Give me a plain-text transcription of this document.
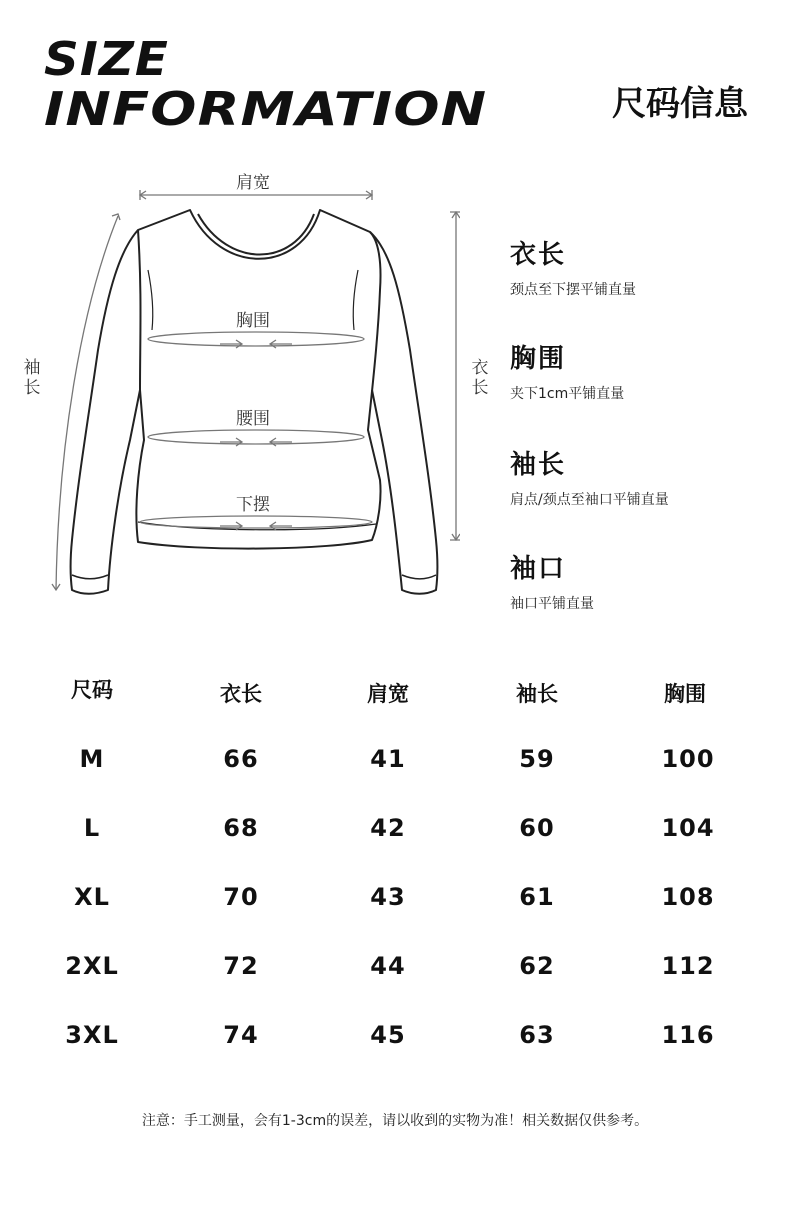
SIZE
INFORMATION	尺码信息
肩宽
胸围
腰围
下摆
袖
长
衣
长
衣长
颈点至下摆平铺直量
胸围
夹下1cm平铺直量
袖长
肩点/颈点至袖口平铺直量
袖口
袖口平铺直量
尺码	衣长	肩宽	袖长	胸围
M	66	41	59	100
L	68	42	60	104
XL	70	43	61	108
2XL	72	44	62	112
3XL	74	45	63	116
注意：手工测量，会有1-3cm的误差，请以收到的实物为准！相关数据仅供参考。
